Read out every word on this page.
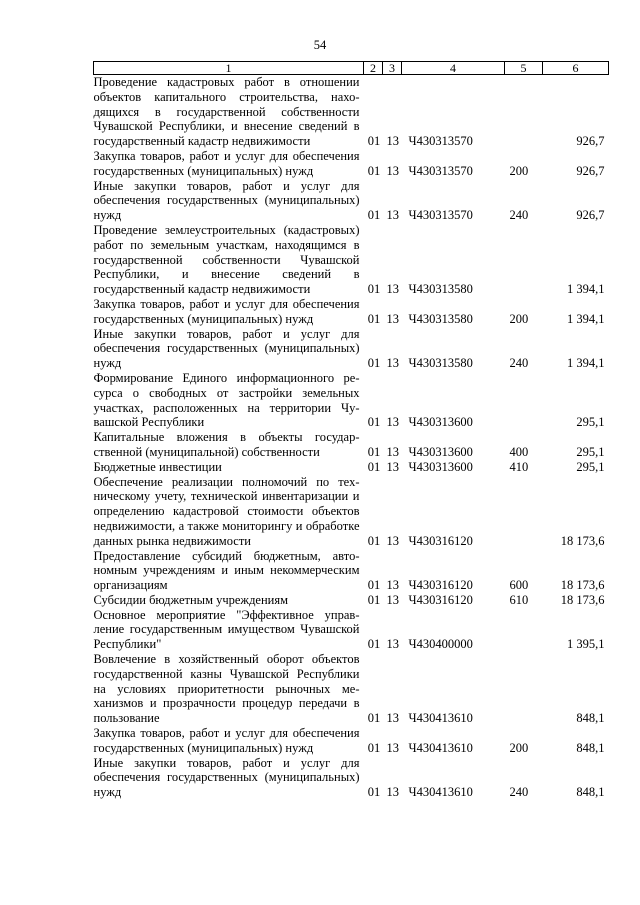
54
1	2	3	4	5	6
Проведение кадастровых работ в отношении объектов капитального строительства, находящихся в государственной собственности Чувашской Республики, и внесение сведений в государственный кадастр недвижимости	01	13	Ч430313570		926,7
Закупка товаров, работ и услуг для обеспечения государственных (муниципальных) нужд	01	13	Ч430313570	200	926,7
Иные закупки товаров, работ и услуг для обеспечения государственных (муниципальных) нужд	01	13	Ч430313570	240	926,7
Проведение землеустроительных (кадастровых) работ по земельным участкам, находящимся в государственной собственности Чувашской Республики, и внесение сведений в государственный кадастр недвижимости	01	13	Ч430313580		1 394,1
Закупка товаров, работ и услуг для обеспечения государственных (муниципальных) нужд	01	13	Ч430313580	200	1 394,1
Иные закупки товаров, работ и услуг для обеспечения государственных (муниципальных) нужд	01	13	Ч430313580	240	1 394,1
Формирование Единого информационного ресурса о свободных от застройки земельных участках, расположенных на территории Чувашской Республики	01	13	Ч430313600		295,1
Капитальные вложения в объекты государственной (муниципальной) собственности	01	13	Ч430313600	400	295,1
Бюджетные инвестиции	01	13	Ч430313600	410	295,1
Обеспечение реализации полномочий по техническому учету, технической инвентаризации и определению кадастровой стоимости объектов недвижимости, а также мониторингу и обработке данных рынка недвижимости	01	13	Ч430316120		18 173,6
Предоставление субсидий бюджетным, автономным учреждениям и иным некоммерческим организациям	01	13	Ч430316120	600	18 173,6
Субсидии бюджетным учреждениям	01	13	Ч430316120	610	18 173,6
Основное мероприятие "Эффективное управление государственным имуществом Чувашской Республики"	01	13	Ч430400000		1 395,1
Вовлечение в хозяйственный оборот объектов государственной казны Чувашской Республики на условиях приоритетности рыночных механизмов и прозрачности процедур передачи в пользование	01	13	Ч430413610		848,1
Закупка товаров, работ и услуг для обеспечения государственных (муниципальных) нужд	01	13	Ч430413610	200	848,1
Иные закупки товаров, работ и услуг для обеспечения государственных (муниципальных) нужд	01	13	Ч430413610	240	848,1
